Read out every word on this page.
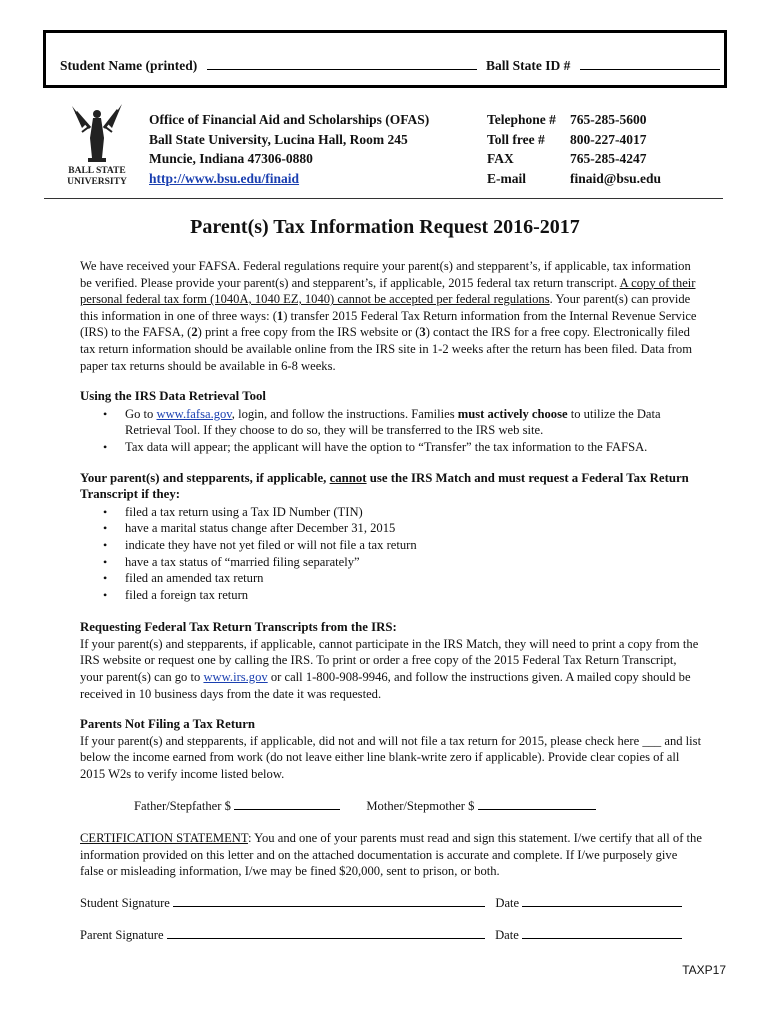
Student Name (printed)	Ball State ID #
BALL STATE
UNIVERSITY
Office of Financial Aid and Scholarships (OFAS)
Ball State University, Lucina Hall, Room 245
Muncie, Indiana 47306-0880
http://www.bsu.edu/finaid
Telephone #	765-285-5600
Toll free #	800-227-4017
FAX	765-285-4247
E-mail	finaid@bsu.edu
Parent(s) Tax Information Request 2016-2017

We have received your FAFSA. Federal regulations require your parent(s) and stepparent’s, if applicable, tax information be verified. Please provide your parent(s) and stepparent’s, if applicable, 2015 federal tax return transcript. A copy of their personal federal tax form (1040A, 1040 EZ, 1040) cannot be accepted per federal regulations. Your parent(s) can provide this information in one of three ways: (1) transfer 2015 Federal Tax Return information from the Internal Revenue Service (IRS) to the FAFSA, (2) print a free copy from the IRS website or (3) contact the IRS for a free copy. Electronically filed tax return information should be available online from the IRS site in 1-2 weeks after the return has been filed. Data from paper tax returns should be available in 6-8 weeks.

Using the IRS Data Retrieval Tool
• Go to www.fafsa.gov, login, and follow the instructions. Families must actively choose to utilize the Data Retrieval Tool. If they choose to do so, they will be transferred to the IRS web site.
• Tax data will appear; the applicant will have the option to “Transfer” the tax information to the FAFSA.
Your parent(s) and stepparents, if applicable, cannot use the IRS Match and must request a Federal Tax Return Transcript if they:
• filed a tax return using a Tax ID Number (TIN)
• have a marital status change after December 31, 2015
• indicate they have not yet filed or will not file a tax return
• have a tax status of “married filing separately”
• filed an amended tax return
• filed a foreign tax return
Requesting Federal Tax Return Transcripts from the IRS:

If your parent(s) and stepparents, if applicable, cannot participate in the IRS Match, they will need to print a copy from the IRS website or request one by calling the IRS. To print or order a free copy of the 2015 Federal Tax Return Transcript, your parent(s) can go to www.irs.gov or call 1-800-908-9946, and follow the instructions given. A mailed copy should be received in 10 business days from the date it was requested.

Parents Not Filing a Tax Return

If your parent(s) and stepparents, if applicable, did not and will not file a tax return for 2015, please check here ___ and list below the income earned from work (do not leave either line blank-write zero if applicable). Provide clear copies of all 2015 W2s to verify income listed below.

Father/Stepfather $	Mother/Stepmother $

CERTIFICATION STATEMENT: You and one of your parents must read and sign this statement. I/we certify that all of the information provided on this letter and on the attached documentation is accurate and complete. If I/we purposely give false or misleading information, I/we may be fined $20,000, sent to prison, or both.

Student Signature	Date
Parent Signature	Date
TAXP17
